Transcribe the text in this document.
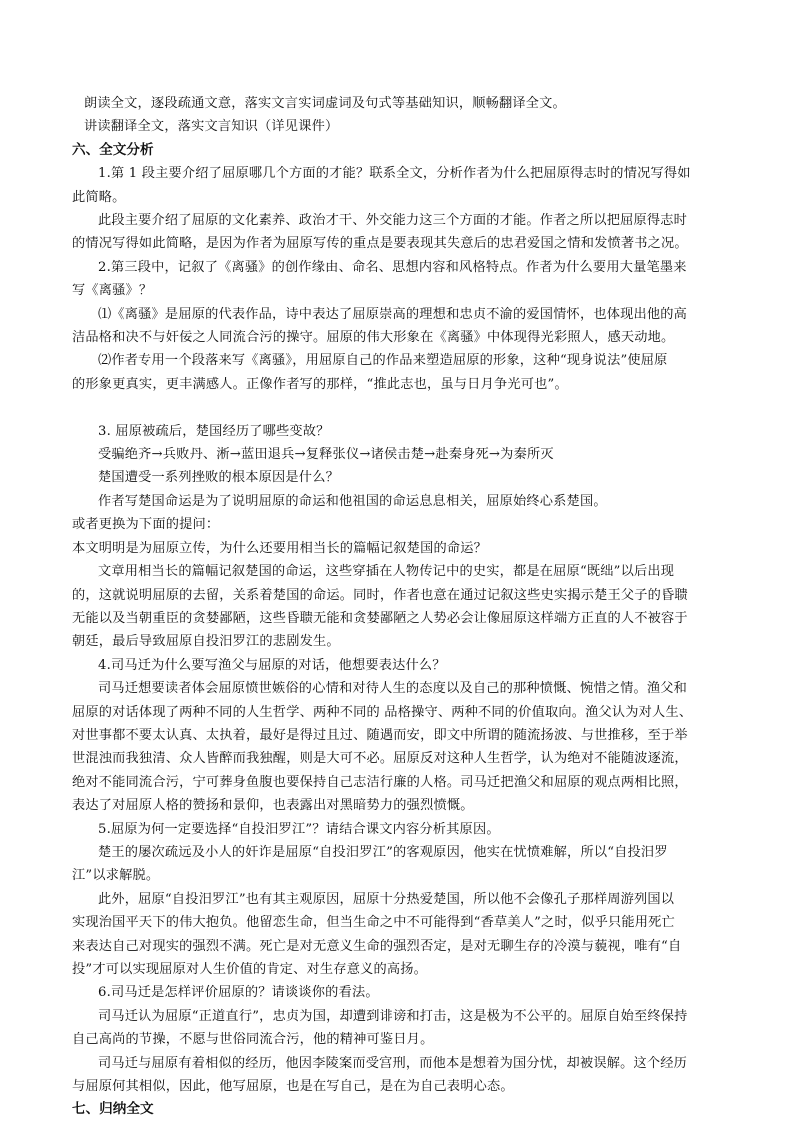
朗读全文，逐段疏通文意，落实文言实词虚词及句式等基础知识，顺畅翻译全文。
讲读翻译全文，落实文言知识（详见课件）
六、全文分析
1.第 1 段主要介绍了屈原哪几个方面的才能？联系全文，分析作者为什么把屈原得志时的情况写得如
此简略。
此段主要介绍了屈原的文化素养、政治才干、外交能力这三个方面的才能。作者之所以把屈原得志时
的情况写得如此简略，是因为作者为屈原写传的重点是要表现其失意后的忠君爱国之情和发愤著书之况。
2.第三段中，记叙了《离骚》的创作缘由、命名、思想内容和风格特点。作者为什么要用大量笔墨来
写《离骚》？
⑴《离骚》是屈原的代表作品，诗中表达了屈原崇高的理想和忠贞不渝的爱国情怀，也体现出他的高
洁品格和决不与奸佞之人同流合污的操守。屈原的伟大形象在《离骚》中体现得光彩照人，感天动地。
⑵作者专用一个段落来写《离骚》，用屈原自己的作品来塑造屈原的形象，这种“现身说法”使屈原
的形象更真实，更丰满感人。正像作者写的那样，“推此志也，虽与日月争光可也”。
3. 屈原被疏后，楚国经历了哪些变故？
受骗绝齐→兵败丹、淅→蓝田退兵→复释张仪→诸侯击楚→赴秦身死→为秦所灭
楚国遭受一系列挫败的根本原因是什么？
作者写楚国命运是为了说明屈原的命运和他祖国的命运息息相关，屈原始终心系楚国。
或者更换为下面的提问：
本文明明是为屈原立传，为什么还要用相当长的篇幅记叙楚国的命运？
文章用相当长的篇幅记叙楚国的命运，这些穿插在人物传记中的史实，都是在屈原“既绌”以后出现
的，这就说明屈原的去留，关系着楚国的命运。同时，作者也意在通过记叙这些史实揭示楚王父子的昏聩
无能以及当朝重臣的贪婪鄙陋，这些昏聩无能和贪婪鄙陋之人势必会让像屈原这样端方正直的人不被容于
朝廷，最后导致屈原自投汨罗江的悲剧发生。
4.司马迁为什么要写渔父与屈原的对话，他想要表达什么？
司马迁想要读者体会屈原愤世嫉俗的心情和对待人生的态度以及自己的那种愤慨、惋惜之情。渔父和
屈原的对话体现了两种不同的人生哲学、两种不同的 品格操守、两种不同的价值取向。渔父认为对人生、
对世事都不要太认真、太执着，最好是得过且过、随遇而安，即文中所谓的随流扬波、与世推移，至于举
世混浊而我独清、众人皆醉而我独醒，则是大可不必。屈原反对这种人生哲学，认为绝对不能随波逐流，
绝对不能同流合污，宁可葬身鱼腹也要保持自己志洁行廉的人格。司马迁把渔父和屈原的观点两相比照，
表达了对屈原人格的赞扬和景仰，也表露出对黑暗势力的强烈愤慨。
5.屈原为何一定要选择“自投汨罗江”？请结合课文内容分析其原因。
楚王的屡次疏远及小人的奸诈是屈原“自投汨罗江”的客观原因，他实在忧愤难解，所以“自投汨罗
江”以求解脱。
此外，屈原“自投汨罗江”也有其主观原因，屈原十分热爱楚国，所以他不会像孔子那样周游列国以
实现治国平天下的伟大抱负。他留恋生命，但当生命之中不可能得到“香草美人”之时，似乎只能用死亡
来表达自己对现实的强烈不满。死亡是对无意义生命的强烈否定，是对无聊生存的冷漠与藐视，唯有“自
投”才可以实现屈原对人生价值的肯定、对生存意义的高扬。
6.司马迁是怎样评价屈原的？请谈谈你的看法。
司马迁认为屈原“正道直行”，忠贞为国，却遭到诽谤和打击，这是极为不公平的。屈原自始至终保持
自己高尚的节操，不愿与世俗同流合污，他的精神可鉴日月。
司马迁与屈原有着相似的经历，他因李陵案而受宫刑，而他本是想着为国分忧，却被误解。这个经历
与屈原何其相似，因此，他写屈原，也是在写自己，是在为自己表明心态。
七、归纳全文
